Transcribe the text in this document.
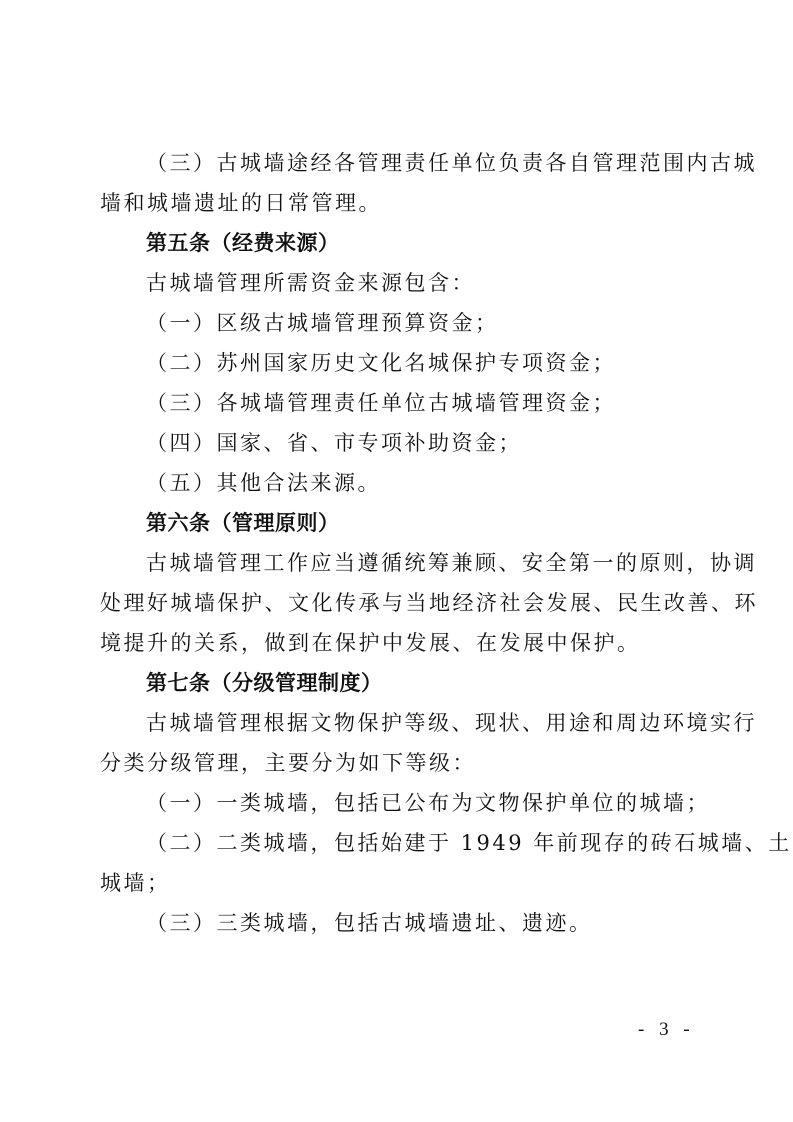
（三）古城墙途经各管理责任单位负责各自管理范围内古城
墙和城墙遗址的日常管理。
第五条（经费来源）
古城墙管理所需资金来源包含：
（一）区级古城墙管理预算资金；
（二）苏州国家历史文化名城保护专项资金；
（三）各城墙管理责任单位古城墙管理资金；
（四）国家、省、市专项补助资金；
（五）其他合法来源。
第六条（管理原则）
古城墙管理工作应当遵循统筹兼顾、安全第一的原则，协调
处理好城墙保护、文化传承与当地经济社会发展、民生改善、环
境提升的关系，做到在保护中发展、在发展中保护。
第七条（分级管理制度）
古城墙管理根据文物保护等级、现状、用途和周边环境实行
分类分级管理，主要分为如下等级：
（一）一类城墙，包括已公布为文物保护单位的城墙；
（二）二类城墙，包括始建于 1949 年前现存的砖石城墙、土
城墙；
（三）三类城墙，包括古城墙遗址、遗迹。
- 3 -
